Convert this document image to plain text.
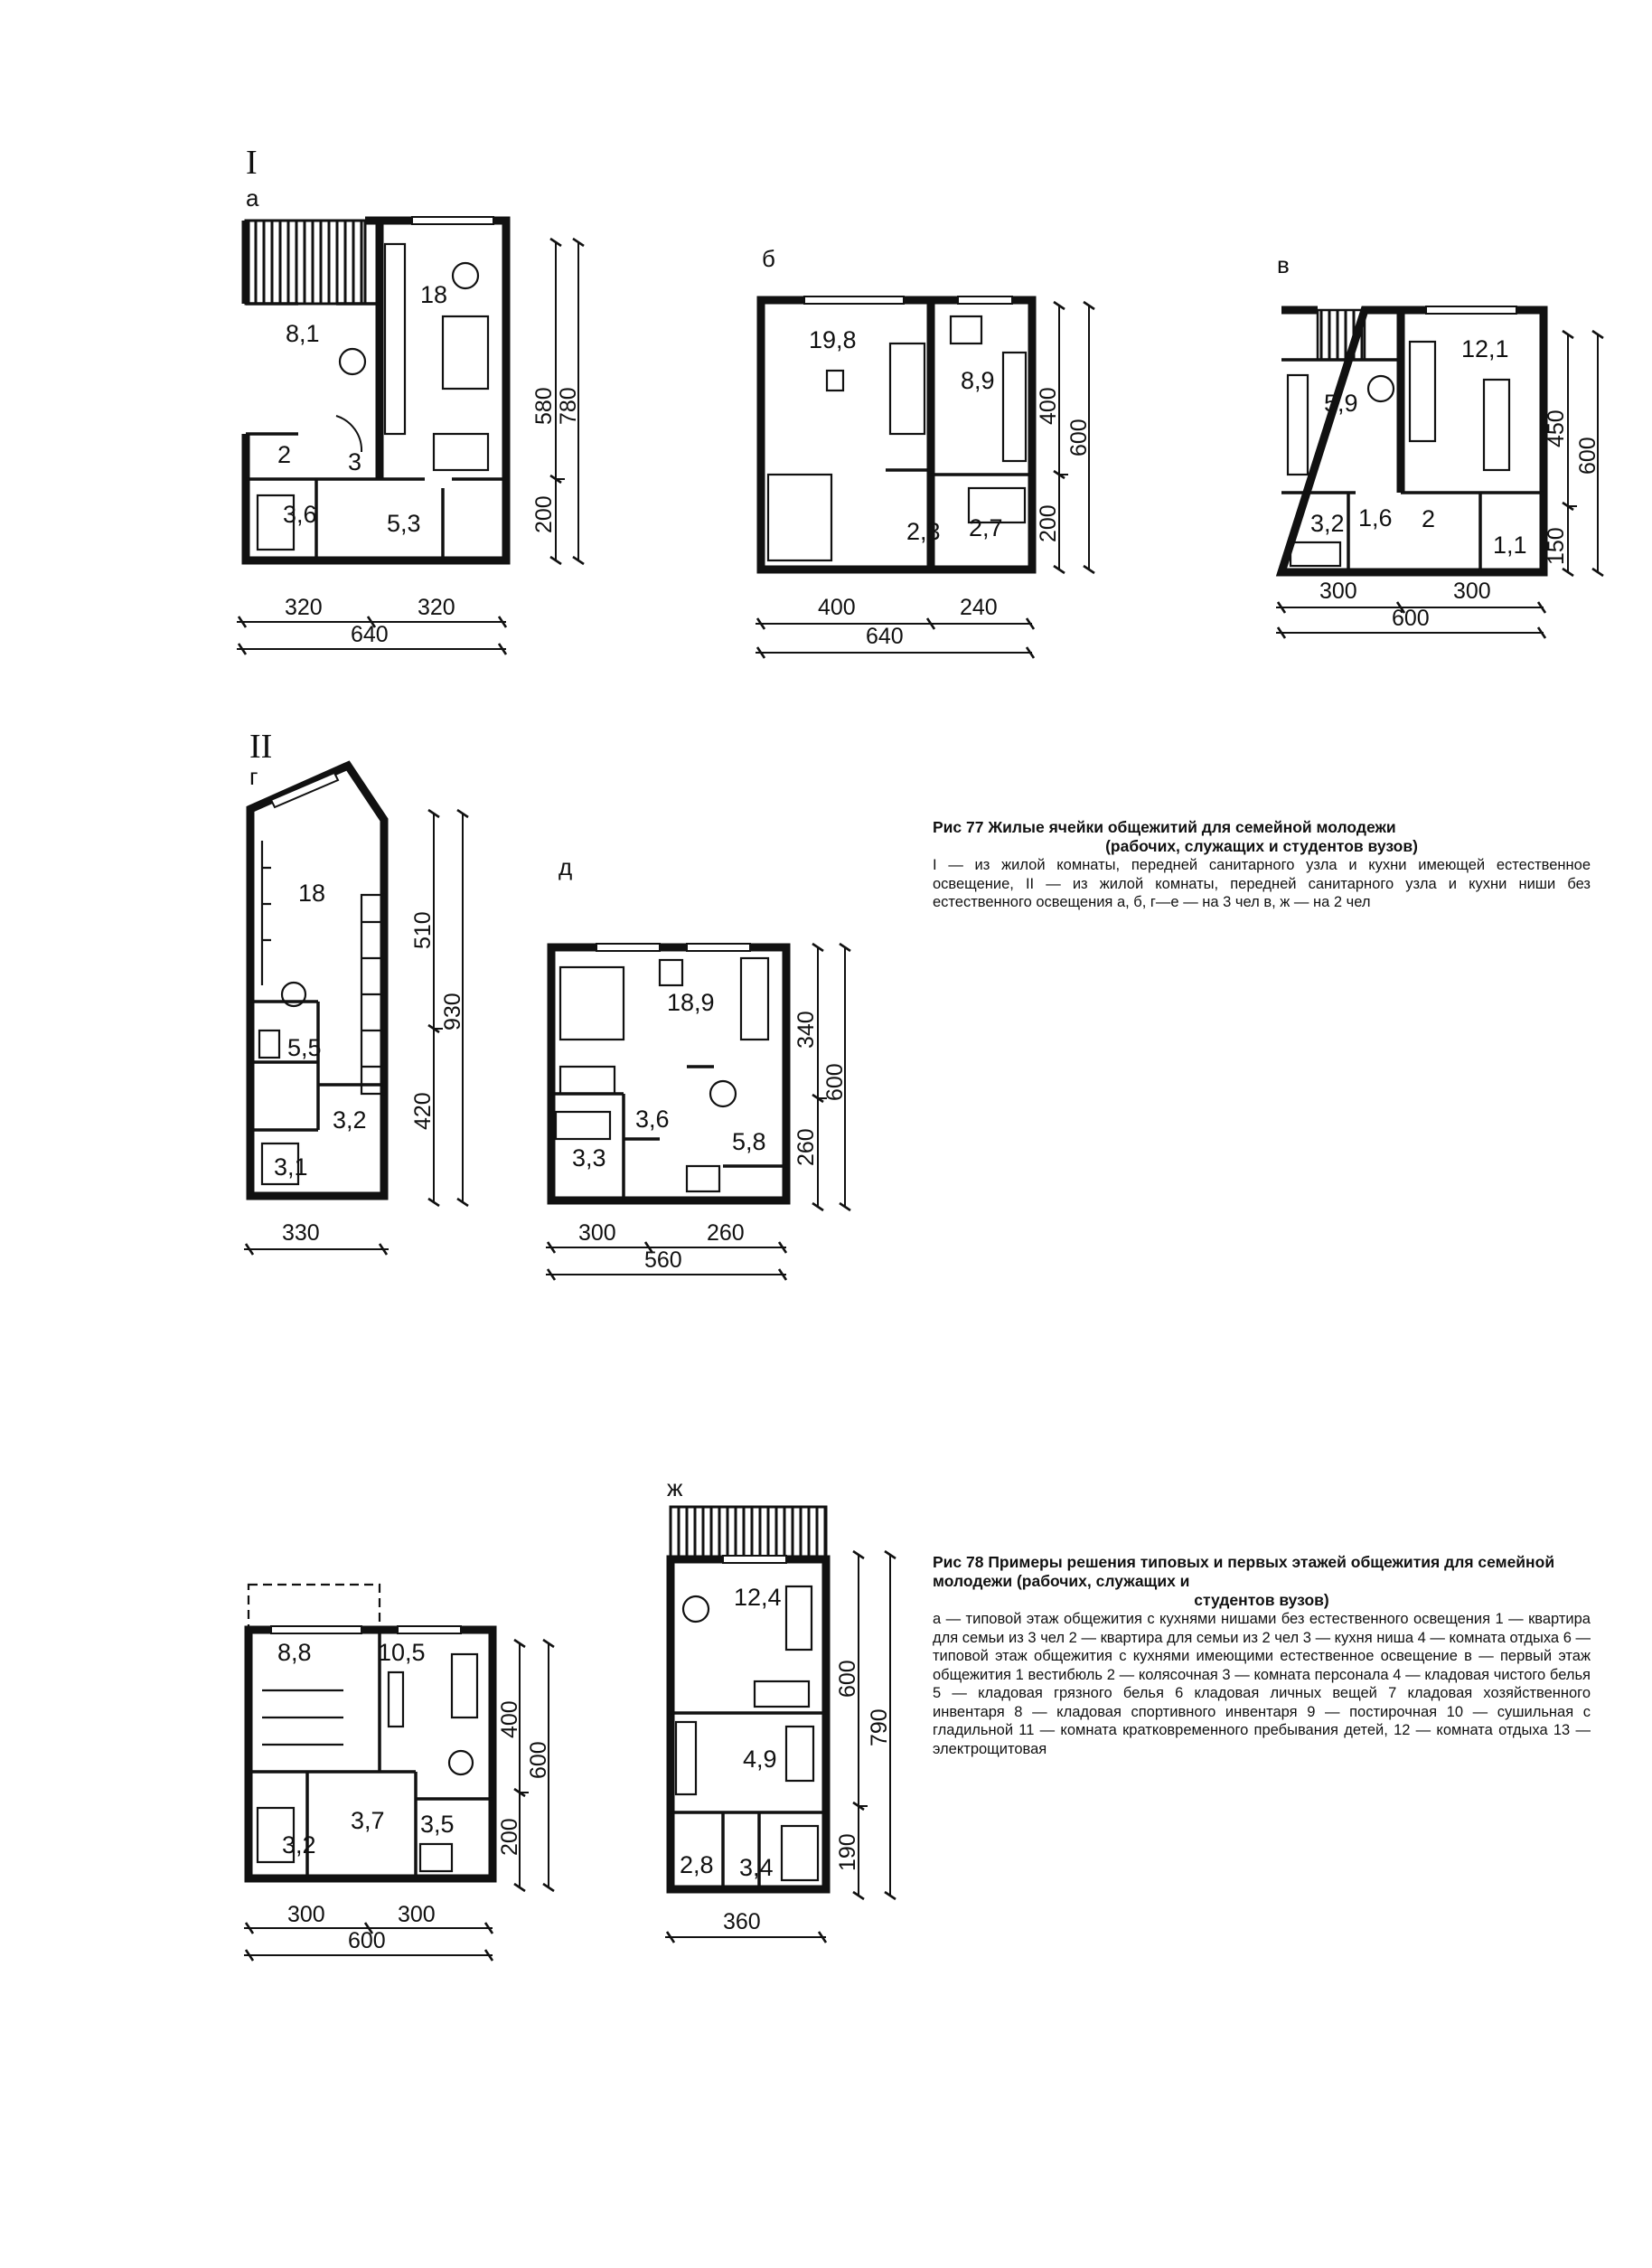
I
а
18
8,1
2 3
3,6	5,3
320	320
640
580 780
200
б
19,8
8,9
2,3 2,7
400	240
640
400
600
200
в
12,1
5,9
3,2 1,6 2
1,1
300	300
600
450
600
150
II
г
18
5,5
3,2
3,1
330
510
930
420
д
18,9
3,6
5,8
3,3
300	260
560
340
600
260
8,8	10,5
3,7
3,2
3,5
300	300
600
400
600
200
ж
12,4
4,9
2,8 3,4
360
600
790
190
Рис 77 Жилые ячейки общежитий для семейной молодежи
(рабочих, служащих и студентов вузов)
I — из жилой комнаты, передней санитарного узла и кухни имеющей естественное освещение, II — из жилой комнаты, передней санитарного узла и кухни ниши без естественного освещения а, б, г—е — на 3 чел в, ж — на 2 чел
Рис 78 Примеры решения типовых и первых этажей общежития для семейной молодежи (рабочих, служащих и
студентов вузов)
а — типовой этаж общежития с кухнями нишами без естественного освещения 1 — квартира для семьи из 3 чел 2 — квартира для семьи из 2 чел 3 — кухня ниша 4 — комната отдыха 6 — типовой этаж общежития с кухнями имеющими естественное освещение в — первый этаж общежития 1 вестибюль 2 — колясочная 3 — комната персонала 4 — кладовая чистого белья 5 — кладовая грязного белья 6 кладовая личных вещей 7 кладовая хозяйственного инвентаря 8 — кладовая спортивного инвентаря 9 — постирочная 10 — сушильная с гладильной 11 — комната кратковременного пребывания детей, 12 — комната отдыха 13 — электрощитовая
